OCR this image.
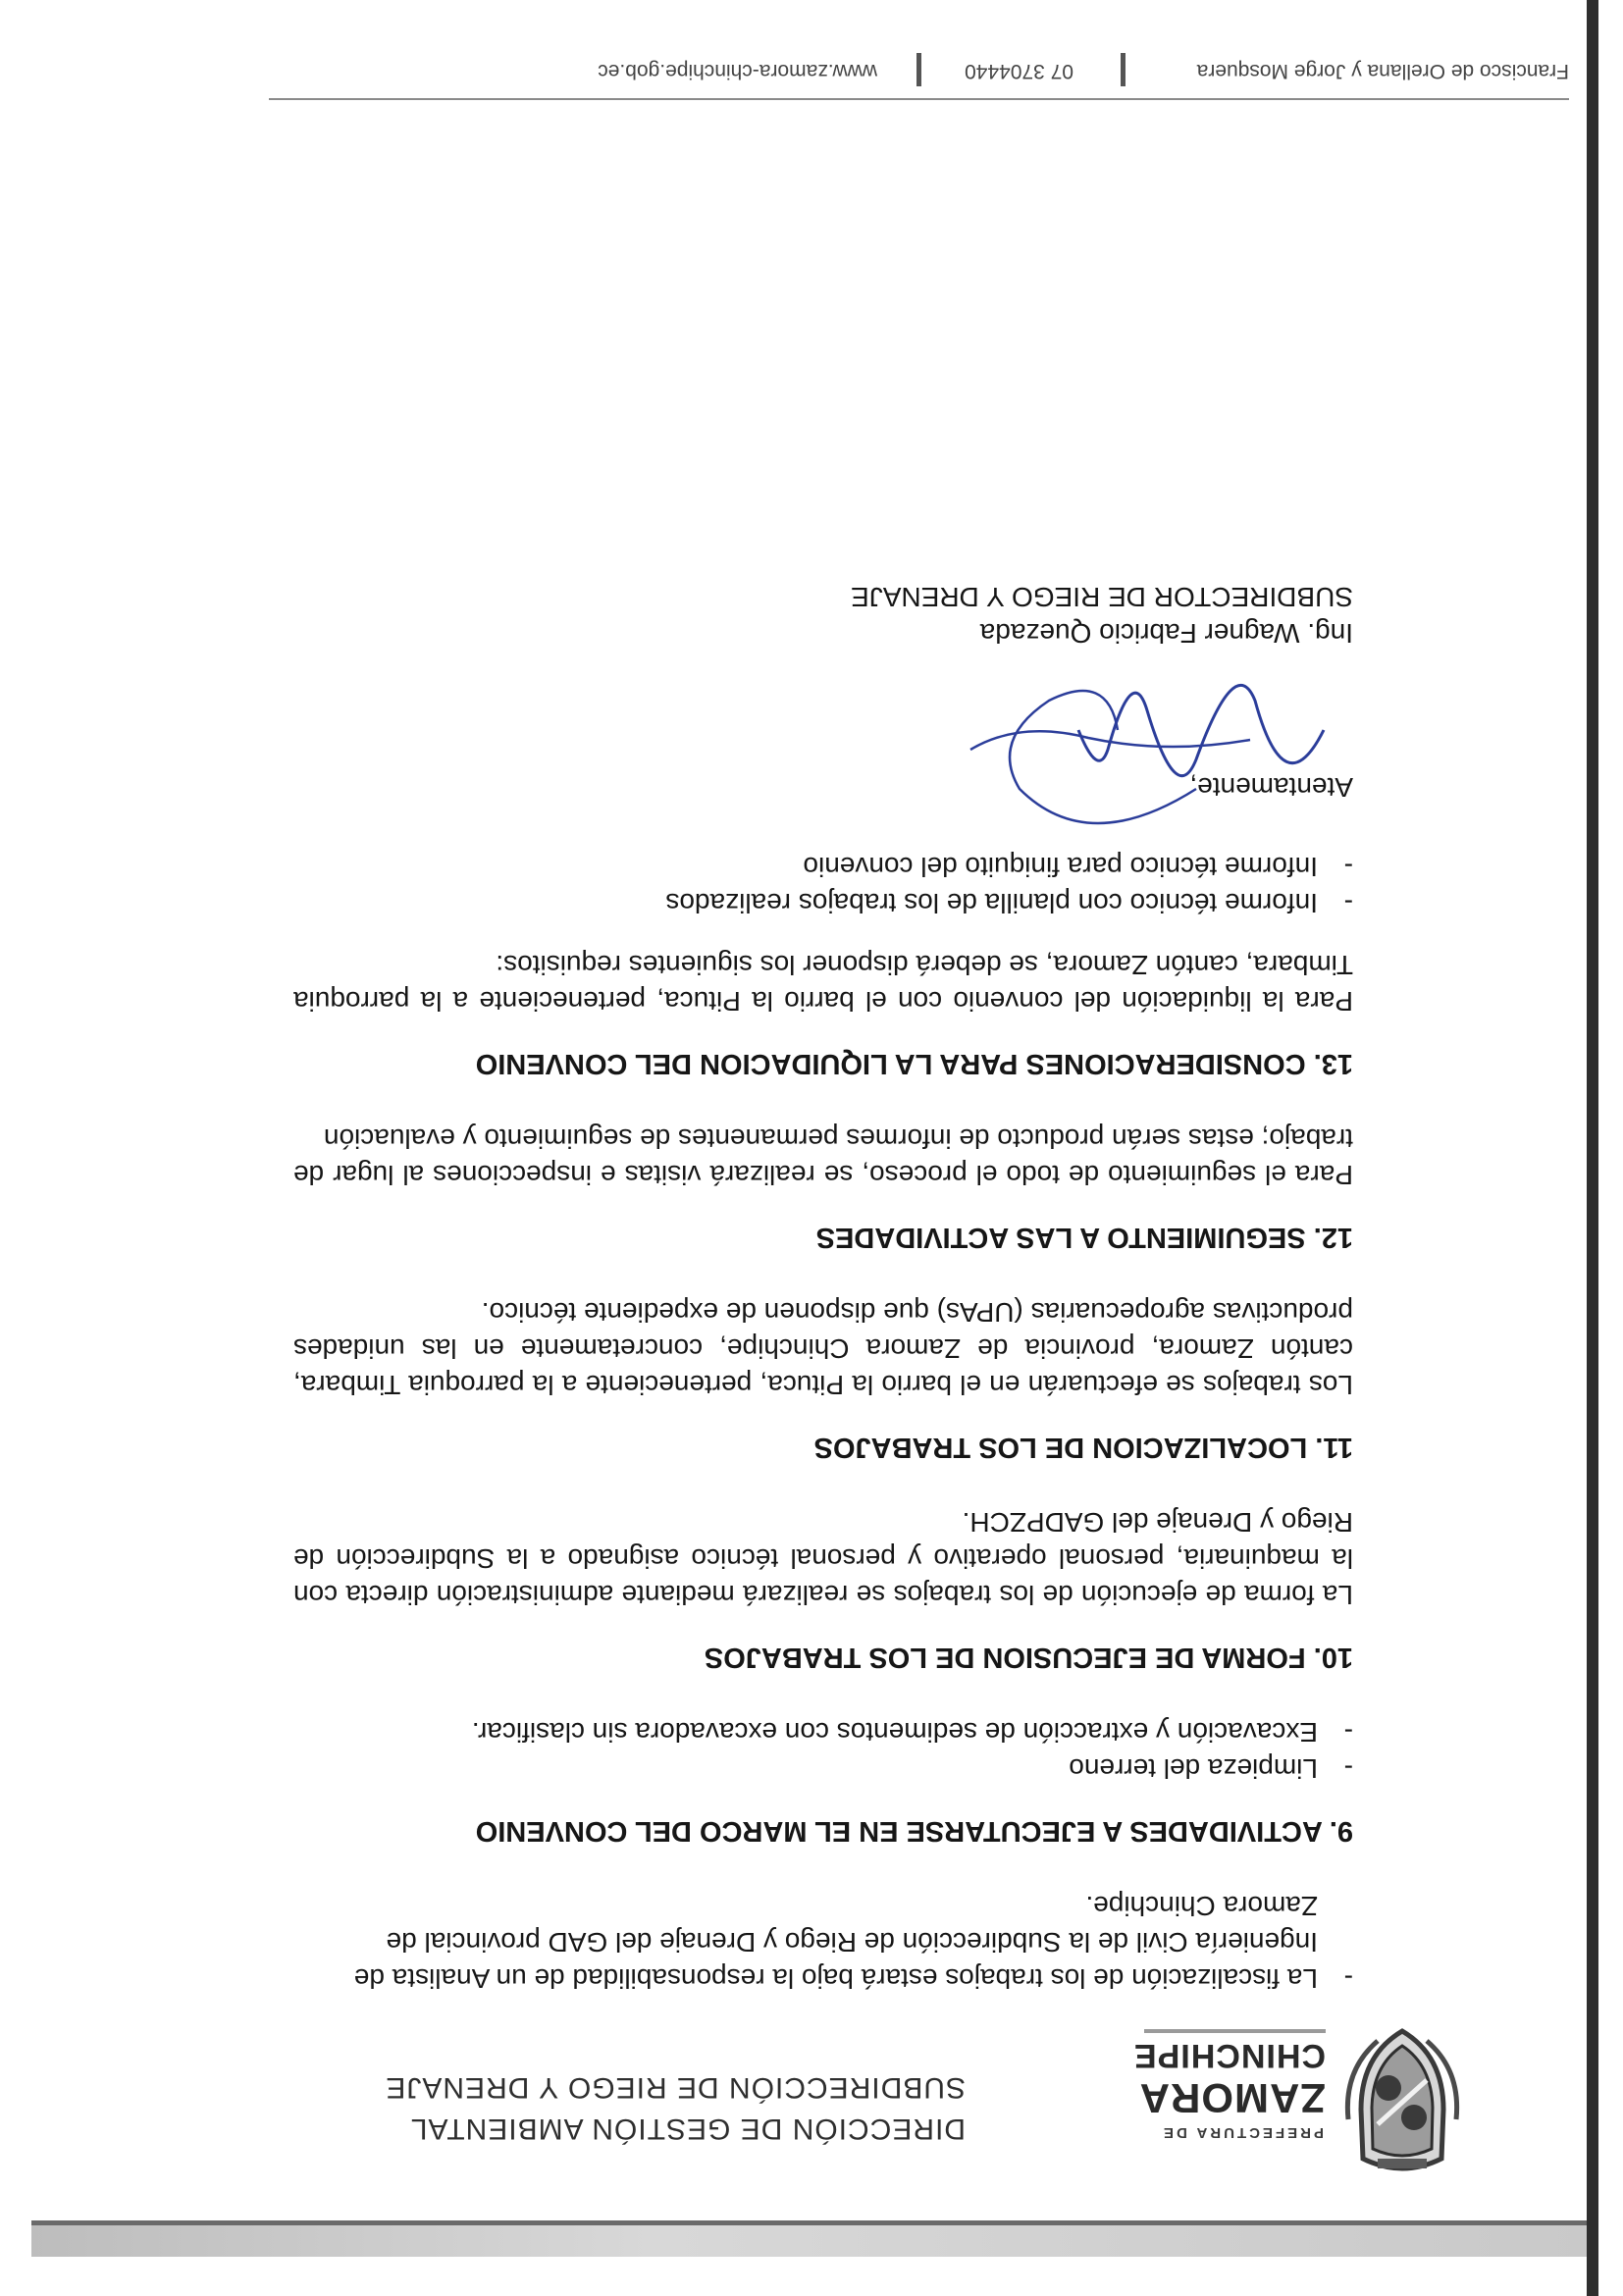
PREFECTURA DE
ZAMORA
CHINCHIPE
DIRECCIÓN DE GESTIÓN AMBIENTAL
SUBDIRECCIÓN DE RIEGO Y DRENAJE
-
La fiscalización de los trabajos estará bajo la responsabilidad de un Analista de Ingeniería Civil de la Subdirección de Riego y Drenaje del GAD provincial de Zamora Chinchipe.

9. ACTIVIDADES A EJECUTARSE EN EL MARCO DEL CONVENIO

-
Limpieza del terreno
-
Excavación y extracción de sedimentos con excavadora sin clasificar.

10. FORMA DE EJECUSION DE LOS TRABAJOS

La forma de ejecución de los trabajos se realizará mediante administración directa con la maquinaria, personal operativo y personal técnico asignado a la Subdirección de Riego y Drenaje del GADPZCH.

11. LOCALIZACION DE LOS TRABAJOS

Los trabajos se efectuarán en el barrio la Pituca, perteneciente a la parroquia Timbara, cantón Zamora, provincia de Zamora Chinchipe, concretamente en las unidades productivas agropecuarias (UPAs) que disponen de expediente técnico.

12. SEGUIMIENTO A LAS ACTIVIDADES

Para el seguimiento de todo el proceso, se realizará visitas e inspecciones al lugar de trabajo; estas serán producto de informes permanentes de seguimiento y evaluación

13. CONSIDERACIONES PARA LA LIQUIDACION DEL CONVENIO

Para la liquidación del convenio con el barrio la Pituca, perteneciente a la parroquia Timbara, cantón Zamora, se deberá disponer los siguientes requisitos:

-
Informe técnico con planilla de los trabajos realizados
-
Informe técnico para finiquito del convenio
Atentamente,
Ing. Wagner Fabricio Quezada
SUBDIRECTOR DE RIEGO Y DRENAJE
Francisco de Orellana y Jorge Mosquera
07 3704440
www.zamora-chinchipe.gob.ec
